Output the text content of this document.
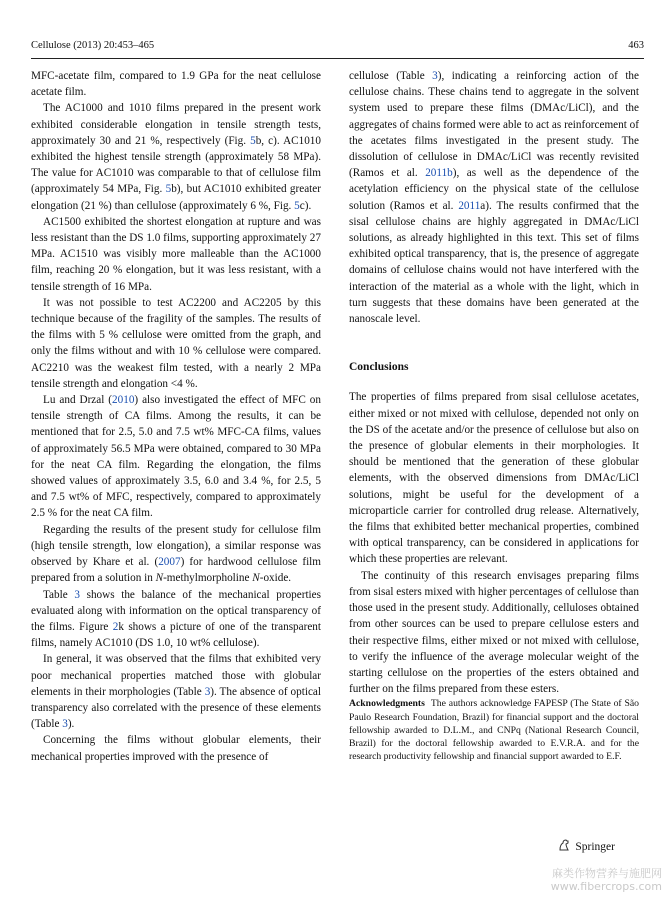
Cellulose (2013) 20:453–465	463

MFC-acetate film, compared to 1.9 GPa for the neat cellulose acetate film.

The AC1000 and 1010 films prepared in the present work exhibited considerable elongation in tensile strength tests, approximately 30 and 21 %, respectively (Fig. 5b, c). AC1010 exhibited the highest tensile strength (approximately 58 MPa). The value for AC1010 was comparable to that of cellulose film (approximately 54 MPa, Fig. 5b), but AC1010 exhibited greater elongation (21 %) than cellulose (approximately 6 %, Fig. 5c).

AC1500 exhibited the shortest elongation at rupture and was less resistant than the DS 1.0 films, supporting approximately 27 MPa. AC1510 was visibly more malleable than the AC1000 film, reaching 20 % elongation, but it was less resistant, with a tensile strength of 16 MPa.

It was not possible to test AC2200 and AC2205 by this technique because of the fragility of the samples. The results of the films with 5 % cellulose were omitted from the graph, and only the films without and with 10 % cellulose were compared. AC2210 was the weakest film tested, with a nearly 2 MPa tensile strength and elongation <4 %.

Lu and Drzal (2010) also investigated the effect of MFC on tensile strength of CA films. Among the results, it can be mentioned that for 2.5, 5.0 and 7.5 wt% MFC-CA films, values of approximately 56.5 MPa were obtained, compared to 30 MPa for the neat CA film. Regarding the elongation, the films showed values of approximately 3.5, 6.0 and 3.4 %, for 2.5, 5 and 7.5 wt% of MFC, respectively, compared to approximately 2.5 % for the neat CA film.

Regarding the results of the present study for cellulose film (high tensile strength, low elongation), a similar response was observed by Khare et al. (2007) for hardwood cellulose film prepared from a solution in N-methylmorpholine N-oxide.

Table 3 shows the balance of the mechanical properties evaluated along with information on the optical transparency of the films. Figure 2k shows a picture of one of the transparent films, namely AC1010 (DS 1.0, 10 wt% cellulose).

In general, it was observed that the films that exhibited very poor mechanical properties matched those with globular elements in their morphologies (Table 3). The absence of optical transparency also correlated with the presence of these elements (Table 3).

Concerning the films without globular elements, their mechanical properties improved with the presence of

cellulose (Table 3), indicating a reinforcing action of the cellulose chains. These chains tend to aggregate in the solvent system used to prepare these films (DMAc/LiCl), and the aggregates of chains formed were able to act as reinforcement of the acetates films investigated in the present study. The dissolution of cellulose in DMAc/LiCl was recently revisited (Ramos et al. 2011b), as well as the dependence of the acetylation efficiency on the physical state of the cellulose solution (Ramos et al. 2011a). The results confirmed that the sisal cellulose chains are highly aggregated in DMAc/LiCl solutions, as already highlighted in this text. This set of films exhibited optical transparency, that is, the presence of aggregate domains of cellulose chains would not have interfered with the interaction of the material as a whole with the light, which in turn suggests that these domains have been generated at the nanoscale level.

Conclusions

The properties of films prepared from sisal cellulose acetates, either mixed or not mixed with cellulose, depended not only on the DS of the acetate and/or the presence of cellulose but also on the presence of globular elements in their morphologies. It should be mentioned that the generation of these globular elements, with the observed dimensions from DMAc/LiCl solutions, might be useful for the development of a microparticle carrier for controlled drug release. Alternatively, the films that exhibited better mechanical properties, combined with optical transparency, can be considered in applications for which these properties are relevant.

The continuity of this research envisages preparing films from sisal esters mixed with higher percentages of cellulose than those used in the present study. Additionally, celluloses obtained from other sources can be used to prepare cellulose esters and their respective films, either mixed or not mixed with cellulose, to verify the influence of the average molecular weight of the starting cellulose on the properties of the esters obtained and further on the films prepared from these esters.

Acknowledgments The authors acknowledge FAPESP (The State of São Paulo Research Foundation, Brazil) for financial support and the doctoral fellowship awarded to D.L.M., and CNPq (National Research Council, Brazil) for the doctoral fellowship awarded to E.V.R.A. and for the research productivity fellowship and financial support awarded to E.F.

Springer
麻类作物营养与施肥网
www.fibercrops.com
